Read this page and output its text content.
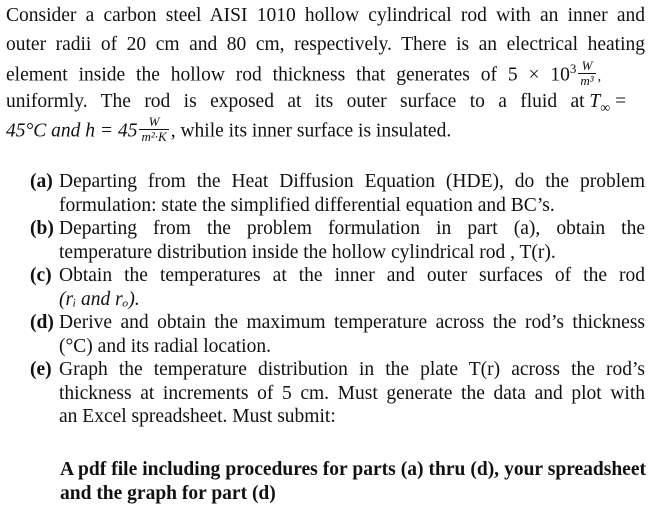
Consider a carbon steel AISI 1010 hollow cylindrical rod with an inner and
outer radii of 20 cm and 80 cm, respectively. There is an electrical heating
element inside the hollow rod thickness that generates of $5 \times 10^3 \frac{W}{\text{m³}}$ ,
uniformly. The rod is exposed at its outer surface to a fluid at $T_\infty$ =
45°C and $h = 45 \frac{W}{\text{m²·K}}$ , while its inner surface is insulated.
(a) Departing from the Heat Diffusion Equation (HDE), do the problem
formulation: state the simplified differential equation and BC’s.
(b) Departing from the problem formulation in part (a), obtain the
temperature distribution inside the hollow cylindrical rod , T(r).
(c) Obtain the temperatures at the inner and outer surfaces of the rod
(rᵢ and rₒ).
(d) Derive and obtain the maximum temperature across the rod’s thickness
(°C) and its radial location.
(e) Graph the temperature distribution in the plate T(r) across the rod’s
thickness at increments of 5 cm. Must generate the data and plot with
an Excel spreadsheet. Must submit:
A pdf file including procedures for parts (a) thru (d), your spreadsheet and the graph for part (d)
